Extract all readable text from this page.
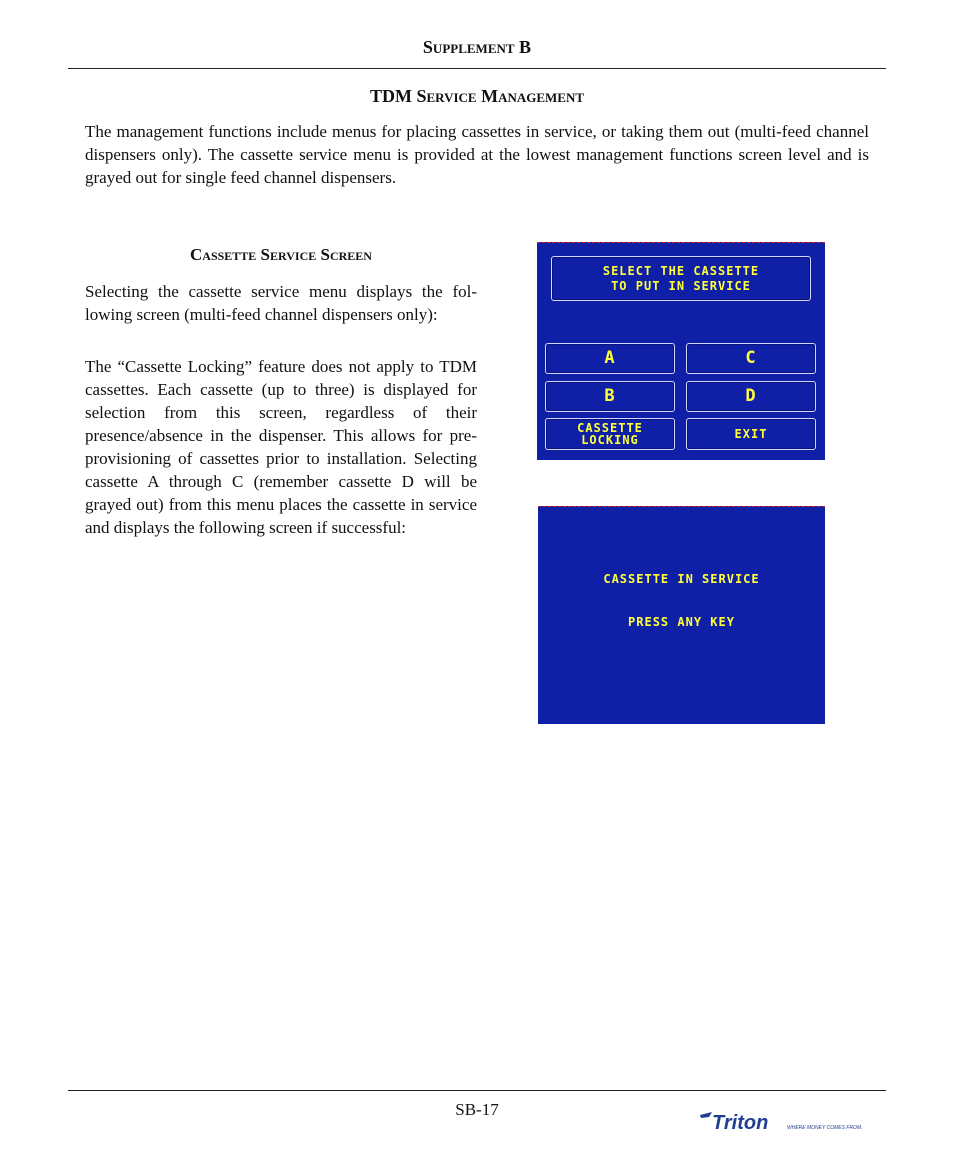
Supplement B
TDM Service Management
The management functions include menus for placing cassettes in service, or taking them out (multi-feed channel dispensers only). The cassette service menu is provided at the lowest management functions screen level and is grayed out for single feed channel dispensers.
Cassette Service Screen
Selecting the cassette service menu displays the fol-lowing screen (multi-feed channel dispensers only):
The “Cassette Locking” feature does not apply to TDM cassettes. Each cassette (up to three) is displayed for selection from this screen, regardless of their presence/absence in the dispenser. This allows for pre-provisioning of cassettes prior to installation. Selecting cassette A through C (remember cassette D will be grayed out) from this menu places the cassette in service and displays the following screen if successful:
SELECT THE CASSETTE
TO PUT IN SERVICE
A	C
B	D
CASSETTE
LOCKING	EXIT
CASSETTE IN SERVICE
PRESS ANY KEY
SB-17
Triton	WHERE MONEY COMES FROM.
